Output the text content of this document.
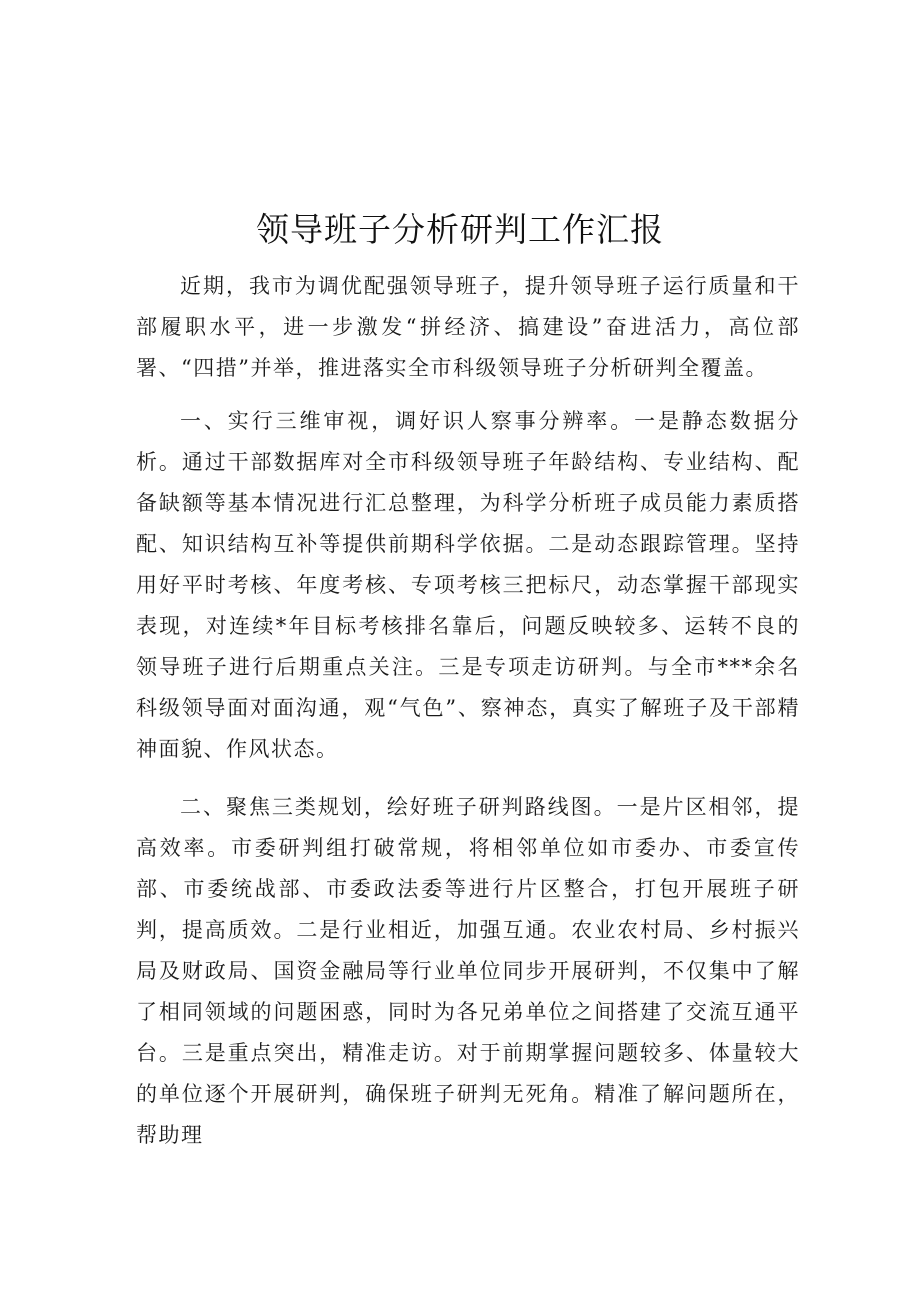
领导班子分析研判工作汇报

近期，我市为调优配强领导班子，提升领导班子运行质量和干部履职水平，进一步激发“拼经济、搞建设”奋进活力，高位部署、“四措”并举，推进落实全市科级领导班子分析研判全覆盖。

一、实行三维审视，调好识人察事分辨率。一是静态数据分析。通过干部数据库对全市科级领导班子年龄结构、专业结构、配备缺额等基本情况进行汇总整理，为科学分析班子成员能力素质搭配、知识结构互补等提供前期科学依据。二是动态跟踪管理。坚持用好平时考核、年度考核、专项考核三把标尺，动态掌握干部现实表现，对连续*年目标考核排名靠后，问题反映较多、运转不良的领导班子进行后期重点关注。三是专项走访研判。与全市***余名科级领导面对面沟通，观“气色”、察神态，真实了解班子及干部精神面貌、作风状态。

二、聚焦三类规划，绘好班子研判路线图。一是片区相邻，提高效率。市委研判组打破常规，将相邻单位如市委办、市委宣传部、市委统战部、市委政法委等进行片区整合，打包开展班子研判，提高质效。二是行业相近，加强互通。农业农村局、乡村振兴局及财政局、国资金融局等行业单位同步开展研判，不仅集中了解了相同领域的问题困惑，同时为各兄弟单位之间搭建了交流互通平台。三是重点突出，精准走访。对于前期掌握问题较多、体量较大的单位逐个开展研判，确保班子研判无死角。精准了解问题所在，帮助理
